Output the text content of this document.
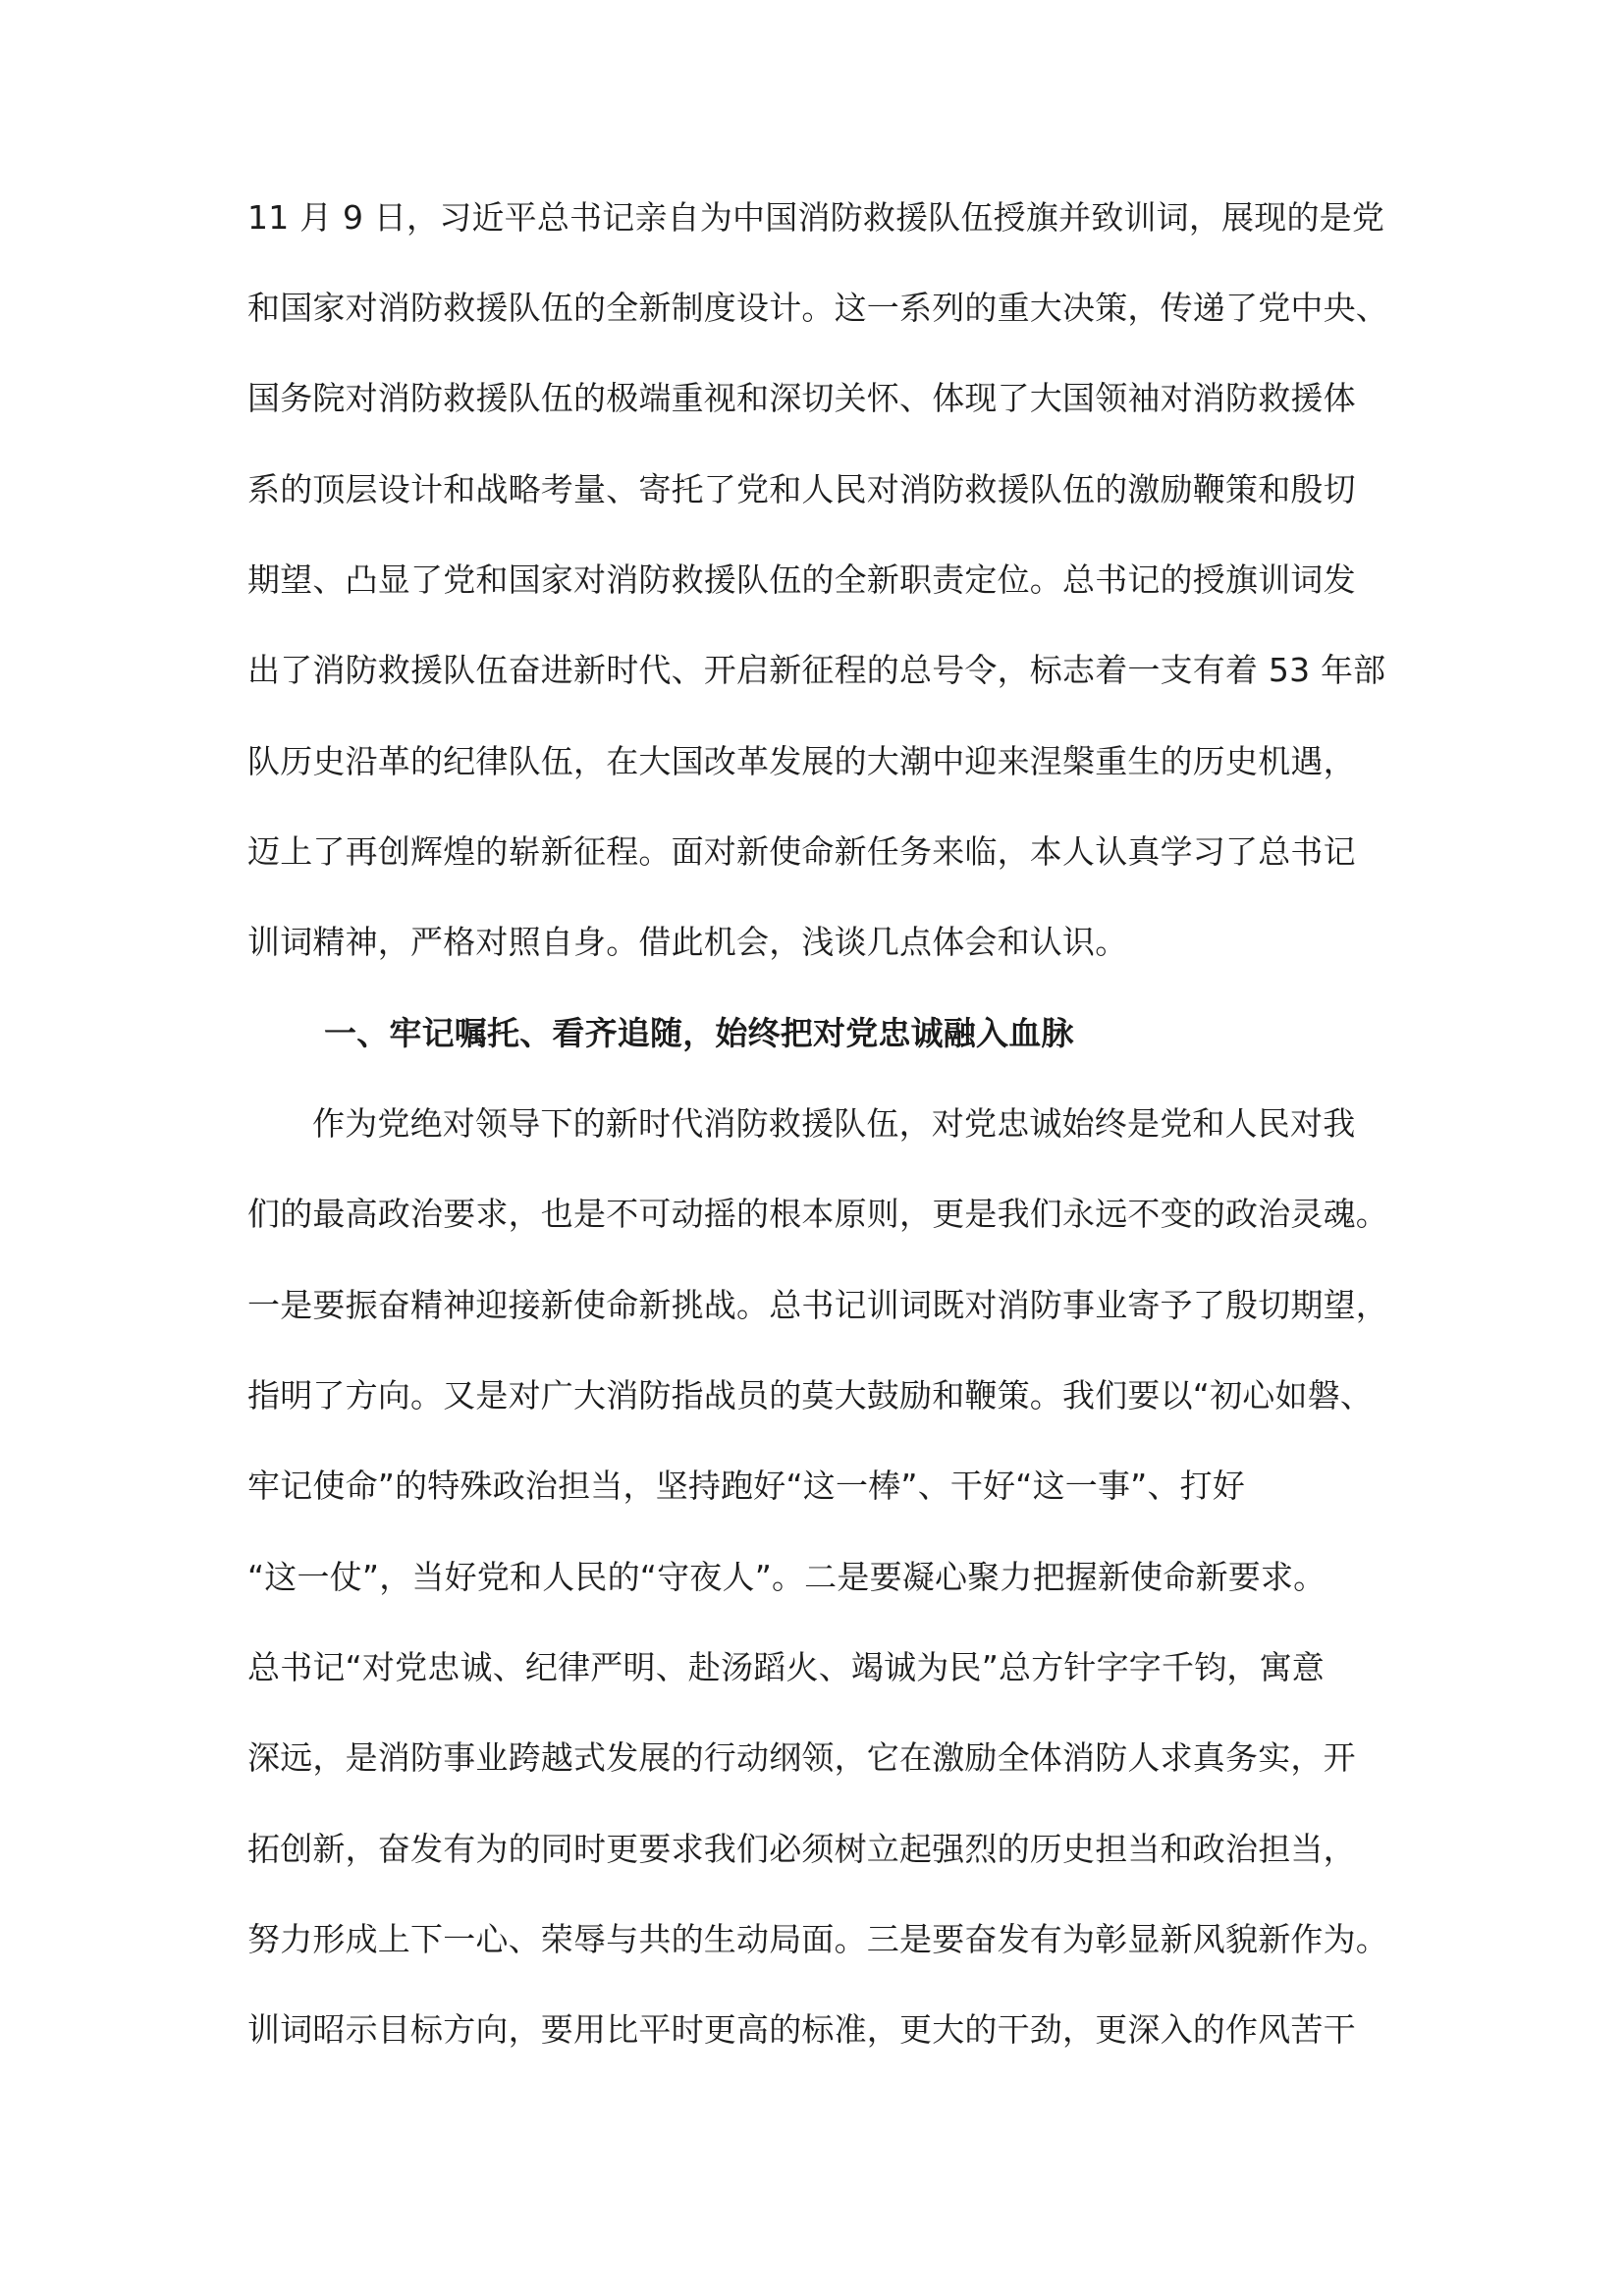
11 月 9 日，习近平总书记亲自为中国消防救援队伍授旗并致训词，展现的是党
和国家对消防救援队伍的全新制度设计。这一系列的重大决策，传递了党中央、
国务院对消防救援队伍的极端重视和深切关怀、体现了大国领袖对消防救援体
系的顶层设计和战略考量、寄托了党和人民对消防救援队伍的激励鞭策和殷切
期望、凸显了党和国家对消防救援队伍的全新职责定位。总书记的授旗训词发
出了消防救援队伍奋进新时代、开启新征程的总号令，标志着一支有着 53 年部
队历史沿革的纪律队伍，在大国改革发展的大潮中迎来涅槃重生的历史机遇，
迈上了再创辉煌的崭新征程。面对新使命新任务来临，本人认真学习了总书记
训词精神，严格对照自身。借此机会，浅谈几点体会和认识。
一、牢记嘱托、看齐追随，始终把对党忠诚融入血脉
作为党绝对领导下的新时代消防救援队伍，对党忠诚始终是党和人民对我
们的最高政治要求，也是不可动摇的根本原则，更是我们永远不变的政治灵魂。
一是要振奋精神迎接新使命新挑战。总书记训词既对消防事业寄予了殷切期望，
指明了方向。又是对广大消防指战员的莫大鼓励和鞭策。我们要以“初心如磐、
牢记使命”的特殊政治担当，坚持跑好“这一棒”、干好“这一事”、打好
“这一仗”，当好党和人民的“守夜人”。二是要凝心聚力把握新使命新要求。
总书记“对党忠诚、纪律严明、赴汤蹈火、竭诚为民”总方针字字千钧，寓意
深远，是消防事业跨越式发展的行动纲领，它在激励全体消防人求真务实，开
拓创新，奋发有为的同时更要求我们必须树立起强烈的历史担当和政治担当，
努力形成上下一心、荣辱与共的生动局面。三是要奋发有为彰显新风貌新作为。
训词昭示目标方向，要用比平时更高的标准，更大的干劲，更深入的作风苦干
